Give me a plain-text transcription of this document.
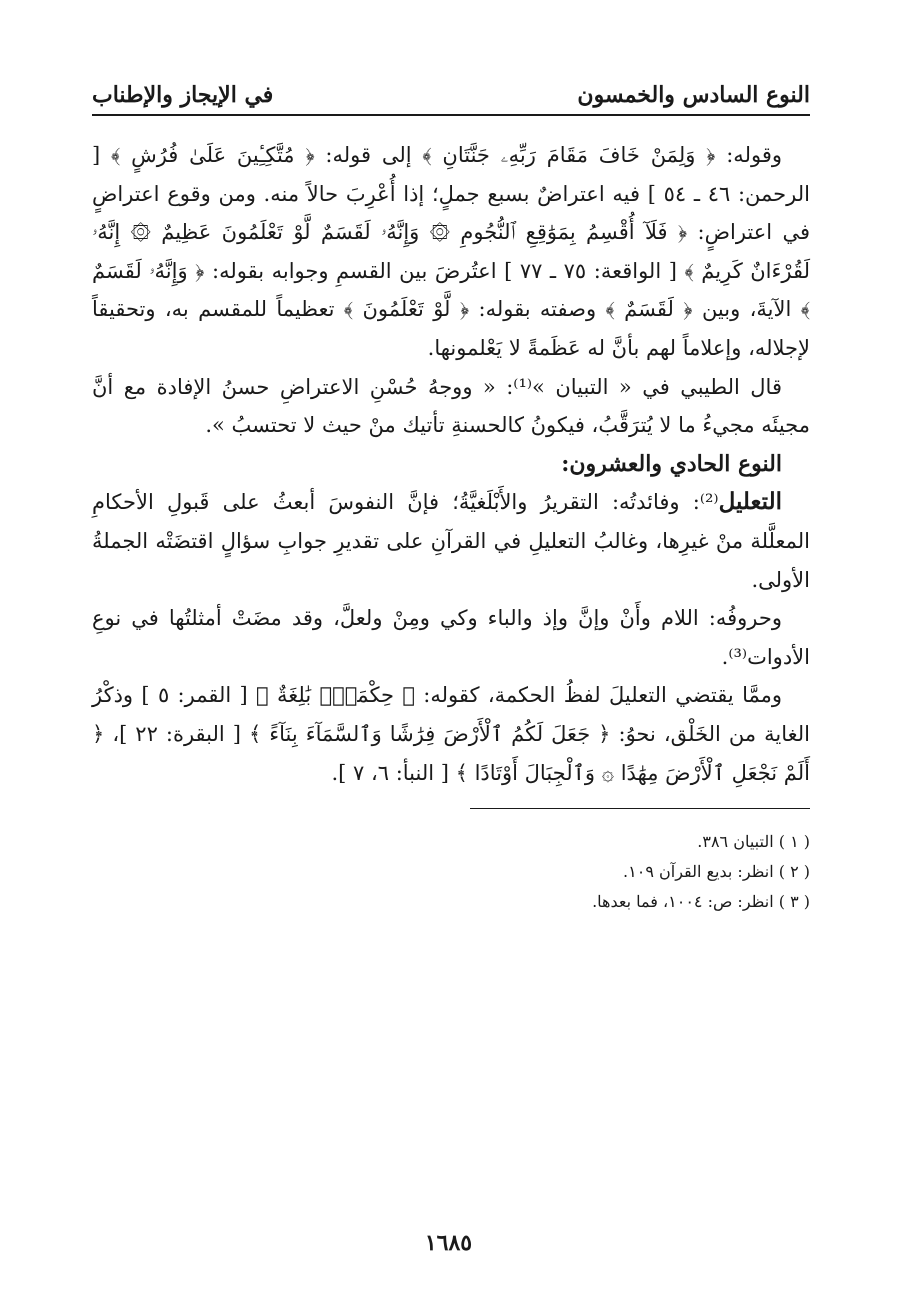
النوع السادس والخمسون
في الإيجاز والإطناب

وقوله: ﴿ وَلِمَنْ خَافَ مَقَامَ رَبِّهِۦ جَنَّتَانِ ﴾ إلى قوله: ﴿ مُتَّكِـِٔينَ عَلَىٰ فُرُشٍ ﴾ [ الرحمن: ٤٦ ـ ٥٤ ] فيه اعتراضٌ بسبع جملٍ؛ إذا أُعْرِبَ حالاً منه. ومن وقوع اعتراضٍ في اعتراضٍ: ﴿ فَلَآ أُقْسِمُ بِمَوَٰقِعِ ٱلنُّجُومِ ۞ وَإِنَّهُۥ لَقَسَمٌ لَّوْ تَعْلَمُونَ عَظِيمٌ ۞ إِنَّهُۥ لَقُرْءَانٌ كَرِيمٌ ﴾ [ الواقعة: ٧٥ ـ ٧٧ ] اعتُرضَ بين القسمِ وجوابه بقوله: ﴿ وَإِنَّهُۥ لَقَسَمٌ ﴾ الآيةَ، وبين ﴿ لَقَسَمٌ ﴾ وصفته بقوله: ﴿ لَّوْ تَعْلَمُونَ ﴾ تعظيماً للمقسم به، وتحقيقاً لإجلاله، وإعلاماً لهم بأنَّ له عَظَمةً لا يَعْلمونها.

قال الطيبي في « التبيان »⁽¹⁾: « ووجهُ حُسْنِ الاعتراضِ حسنُ الإفادة مع أنَّ مجيئَه مجيءُ ما لا يُترَقَّبُ، فيكونُ كالحسنةِ تأتيك منْ حيث لا تحتسبُ ».

النوع الحادي والعشرون:

التعليل⁽²⁾: وفائدتُه: التقريرُ والأَبْلَغيَّةُ؛ فإنَّ النفوسَ أبعثُ على قَبولِ الأحكامِ المعلَّلة منْ غيرِها، وغالبُ التعليلِ في القرآنِ على تقديرِ جوابِ سؤالٍ اقتضَتْه الجملةُ الأولى.

وحروفُه: اللام وأَنْ وإنَّ وإذ والباء وكي ومِنْ ولعلَّ، وقد مضَتْ أمثلتُها في نوعِ الأدوات⁽³⁾.

وممَّا يقتضي التعليلَ لفظُ الحكمة، كقوله: ﴿ حِكْمَةٌۢ بَٰلِغَةٌ ﴾ [ القمر: ٥ ] وذكْرُ الغاية من الخَلْق، نحوُ: ﴿ جَعَلَ لَكُمُ ٱلْأَرْضَ فِرَٰشًا وَٱلسَّمَآءَ بِنَآءً ﴾ [ البقرة: ٢٢ ]، ﴿ أَلَمْ نَجْعَلِ ٱلْأَرْضَ مِهَٰدًا ۞ وَٱلْجِبَالَ أَوْتَادًا ﴾ [ النبأ: ٦، ٧ ].

( ١ ) التبيان ٣٨٦.

( ٢ ) انظر: بديع القرآن ١٠٩.

( ٣ ) انظر: ص: ١٠٠٤، فما بعدها.

١٦٨٥
